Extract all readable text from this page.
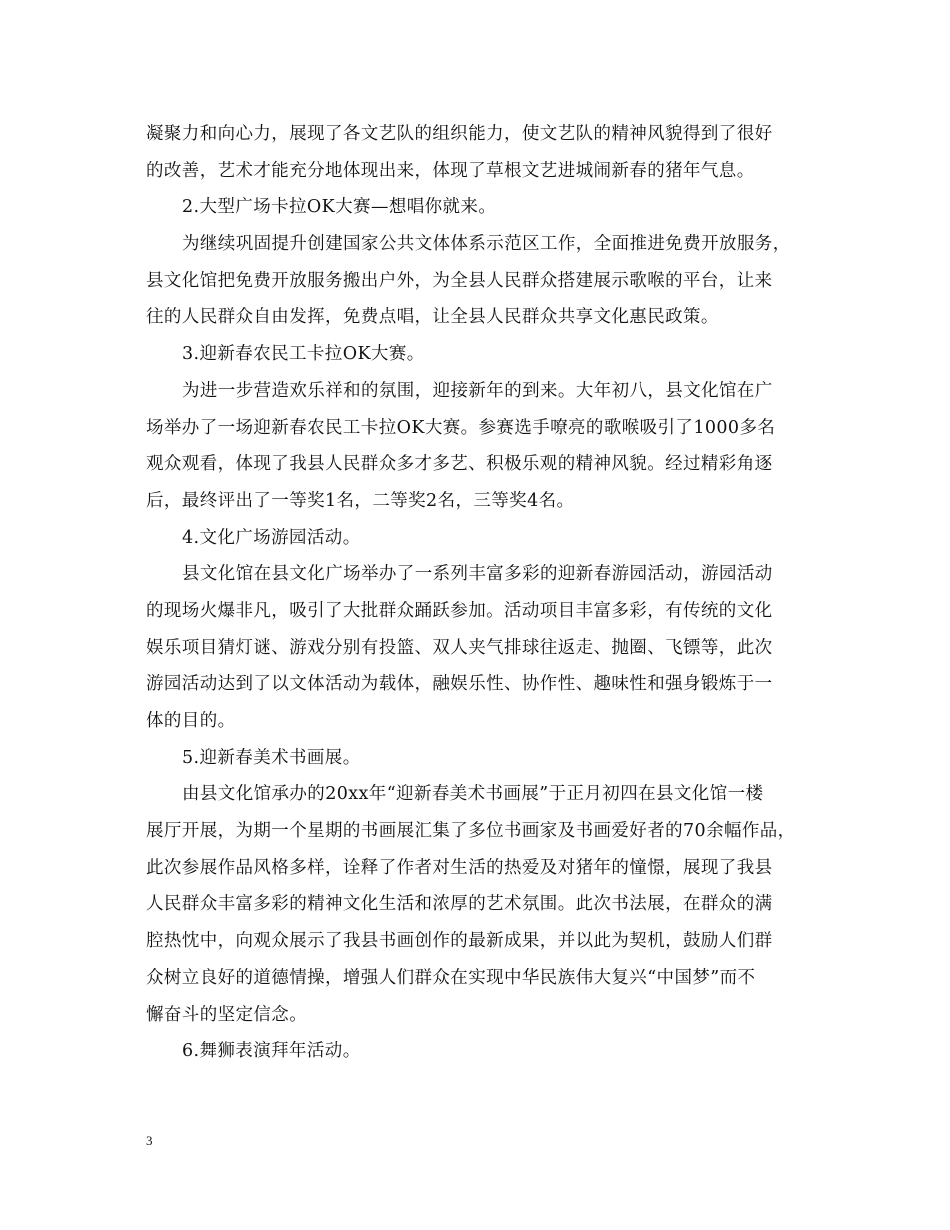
凝聚力和向心力，展现了各文艺队的组织能力，使文艺队的精神风貌得到了很好
的改善，艺术才能充分地体现出来，体现了草根文艺进城闹新春的猪年气息。
2.大型广场卡拉OK大赛—想唱你就来。
为继续巩固提升创建国家公共文体体系示范区工作，全面推进免费开放服务，
县文化馆把免费开放服务搬出户外，为全县人民群众搭建展示歌喉的平台，让来
往的人民群众自由发挥，免费点唱，让全县人民群众共享文化惠民政策。
3.迎新春农民工卡拉OK大赛。
为进一步营造欢乐祥和的氛围，迎接新年的到来。大年初八，县文化馆在广
场举办了一场迎新春农民工卡拉OK大赛。参赛选手嘹亮的歌喉吸引了1000多名
观众观看，体现了我县人民群众多才多艺、积极乐观的精神风貌。经过精彩角逐
后，最终评出了一等奖1名，二等奖2名，三等奖4名。
4.文化广场游园活动。
县文化馆在县文化广场举办了一系列丰富多彩的迎新春游园活动，游园活动
的现场火爆非凡，吸引了大批群众踊跃参加。活动项目丰富多彩，有传统的文化
娱乐项目猜灯谜、游戏分别有投篮、双人夹气排球往返走、抛圈、飞镖等，此次
游园活动达到了以文体活动为载体，融娱乐性、协作性、趣味性和强身锻炼于一
体的目的。
5.迎新春美术书画展。
由县文化馆承办的20xx年“迎新春美术书画展”于正月初四在县文化馆一楼
展厅开展，为期一个星期的书画展汇集了多位书画家及书画爱好者的70余幅作品，
此次参展作品风格多样，诠释了作者对生活的热爱及对猪年的憧憬，展现了我县
人民群众丰富多彩的精神文化生活和浓厚的艺术氛围。此次书法展，在群众的满
腔热忱中，向观众展示了我县书画创作的最新成果，并以此为契机，鼓励人们群
众树立良好的道德情操，增强人们群众在实现中华民族伟大复兴“中国梦”而不
懈奋斗的坚定信念。
6.舞狮表演拜年活动。
3
